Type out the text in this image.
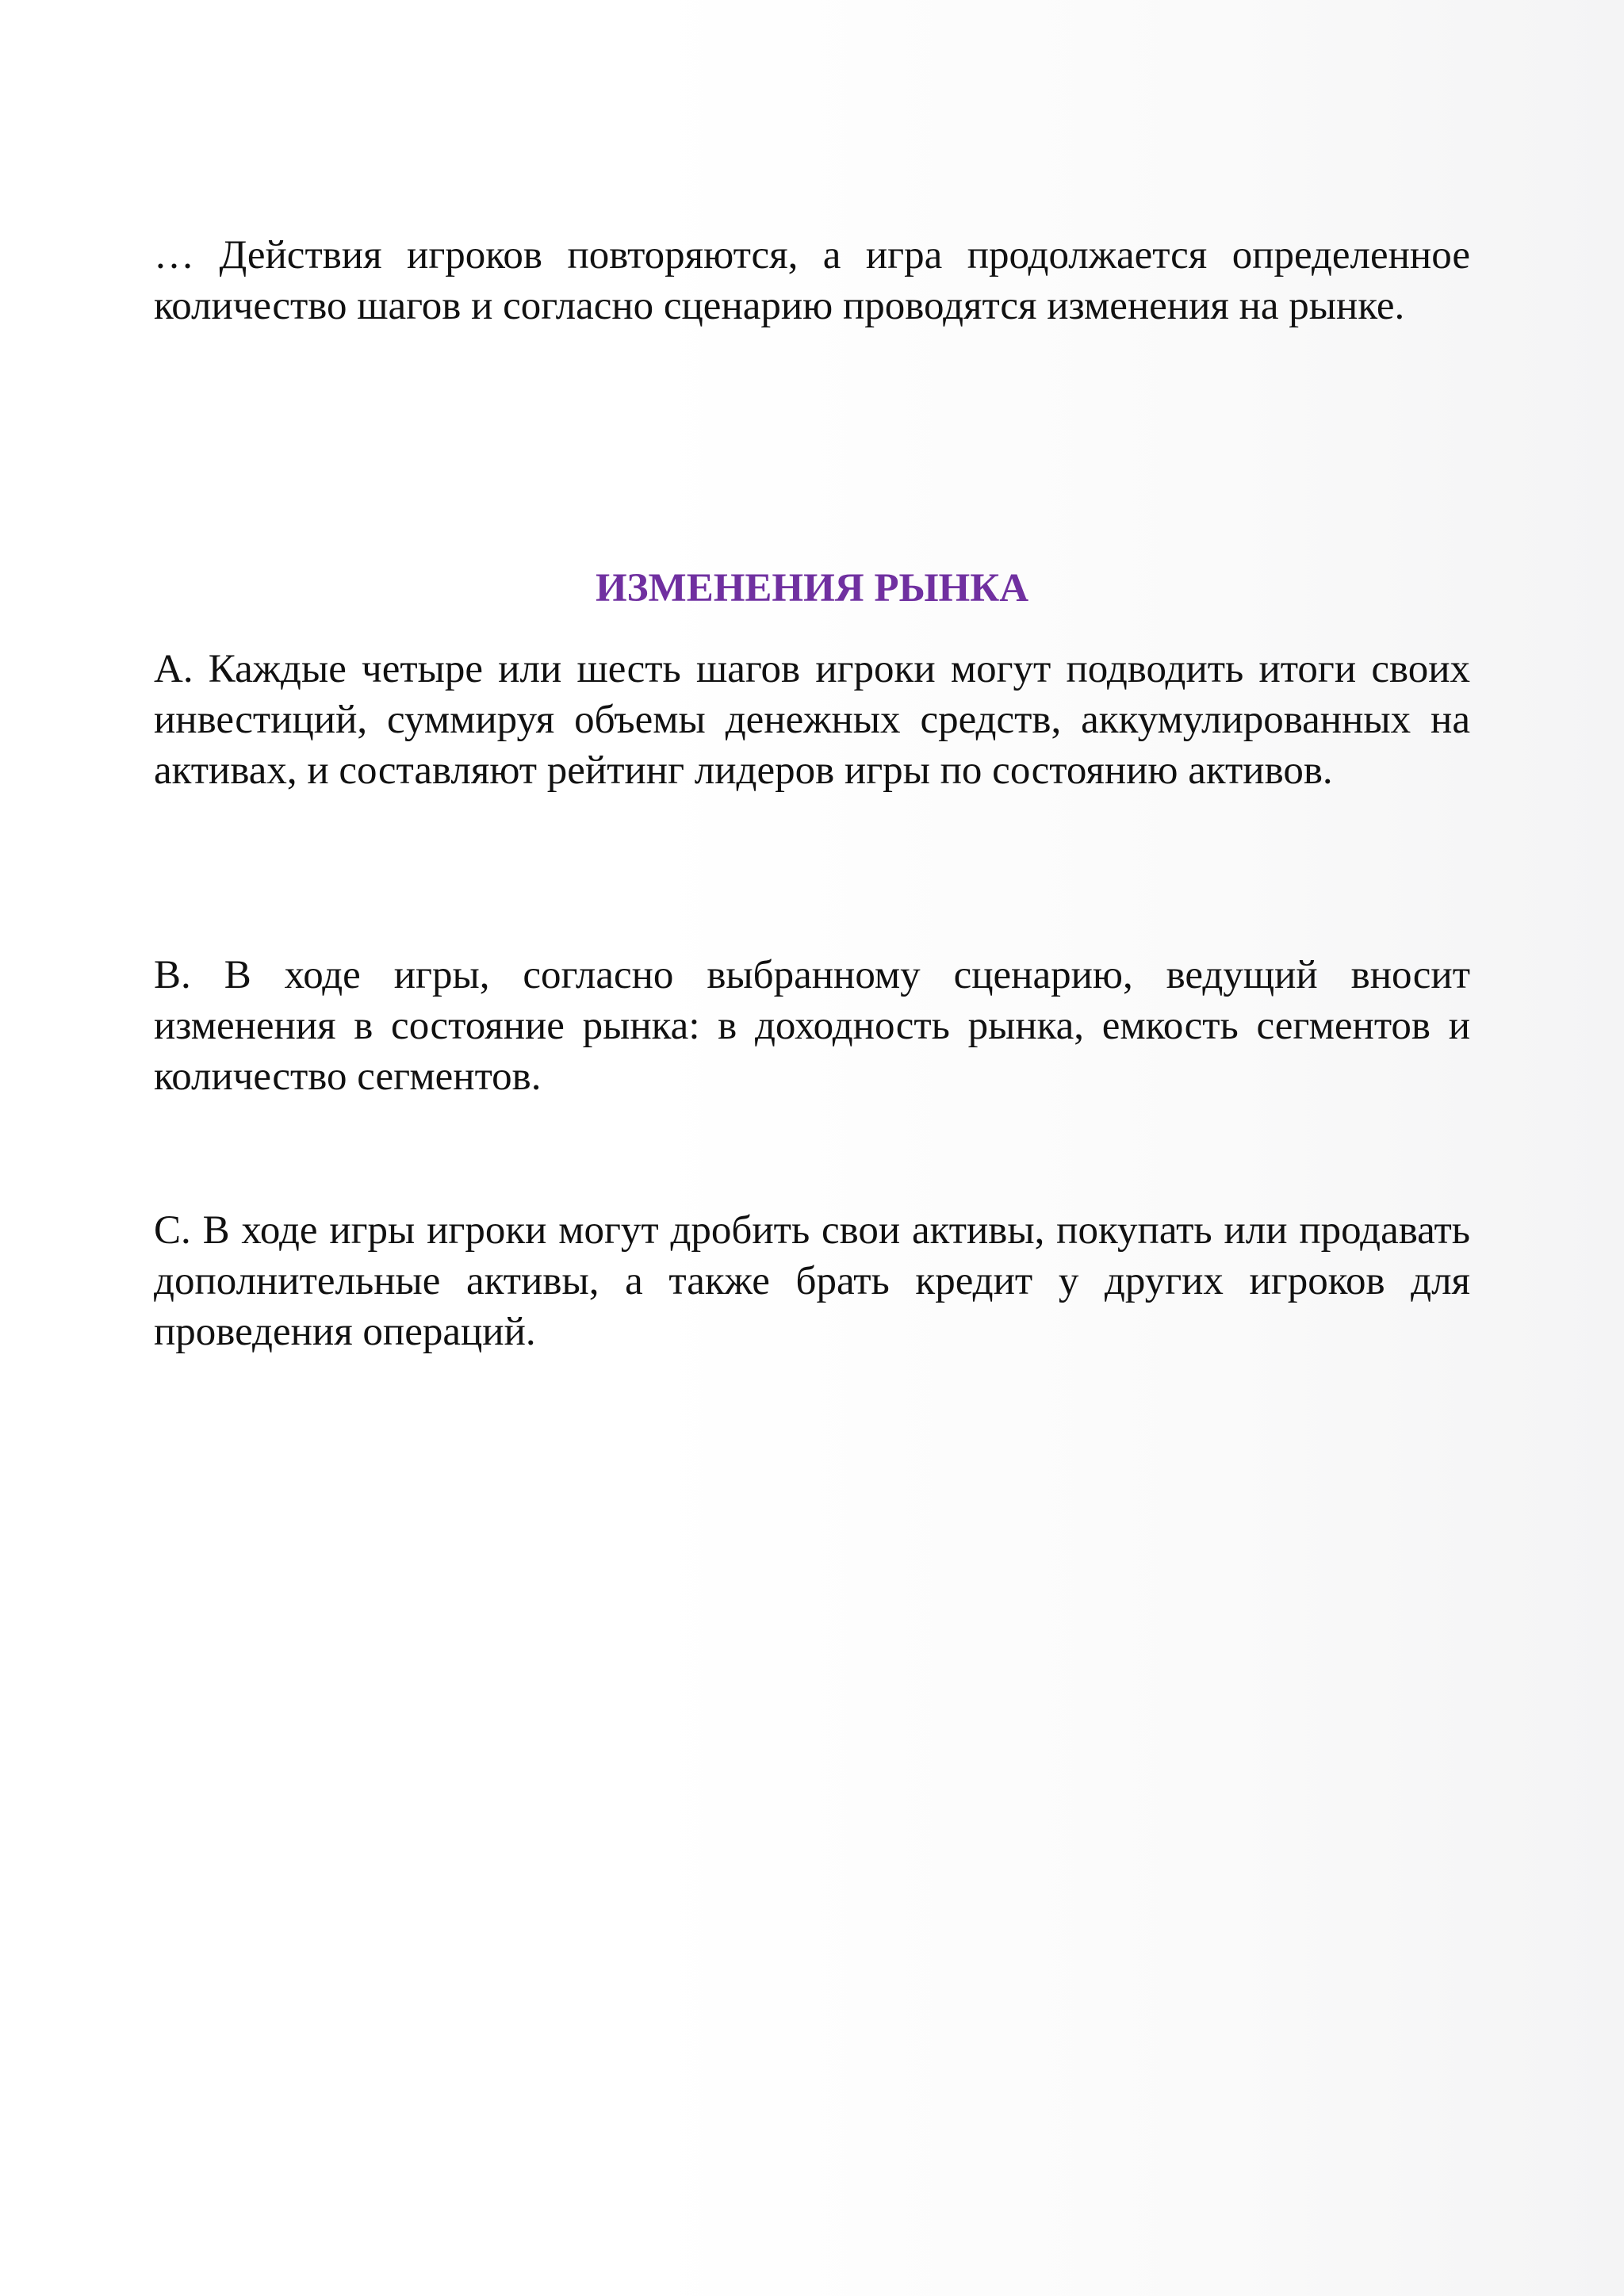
… Действия игроков повторяются, а игра продолжается определенное количество шагов и согласно сценарию проводятся изменения на рынке.

ИЗМЕНЕНИЯ РЫНКА

А. Каждые четыре или шесть шагов игроки могут подводить итоги своих инвестиций, суммируя объемы денежных средств, аккумулированных на активах, и составляют рейтинг лидеров игры по состоянию активов.

B. В ходе игры, согласно выбранному сценарию, ведущий вносит изменения в состояние рынка: в доходность рынка, емкость сегментов и количество сегментов.

С. В ходе игры игроки могут дробить свои активы, покупать или продавать дополнительные активы, а также брать кредит у других игроков для проведения операций.
